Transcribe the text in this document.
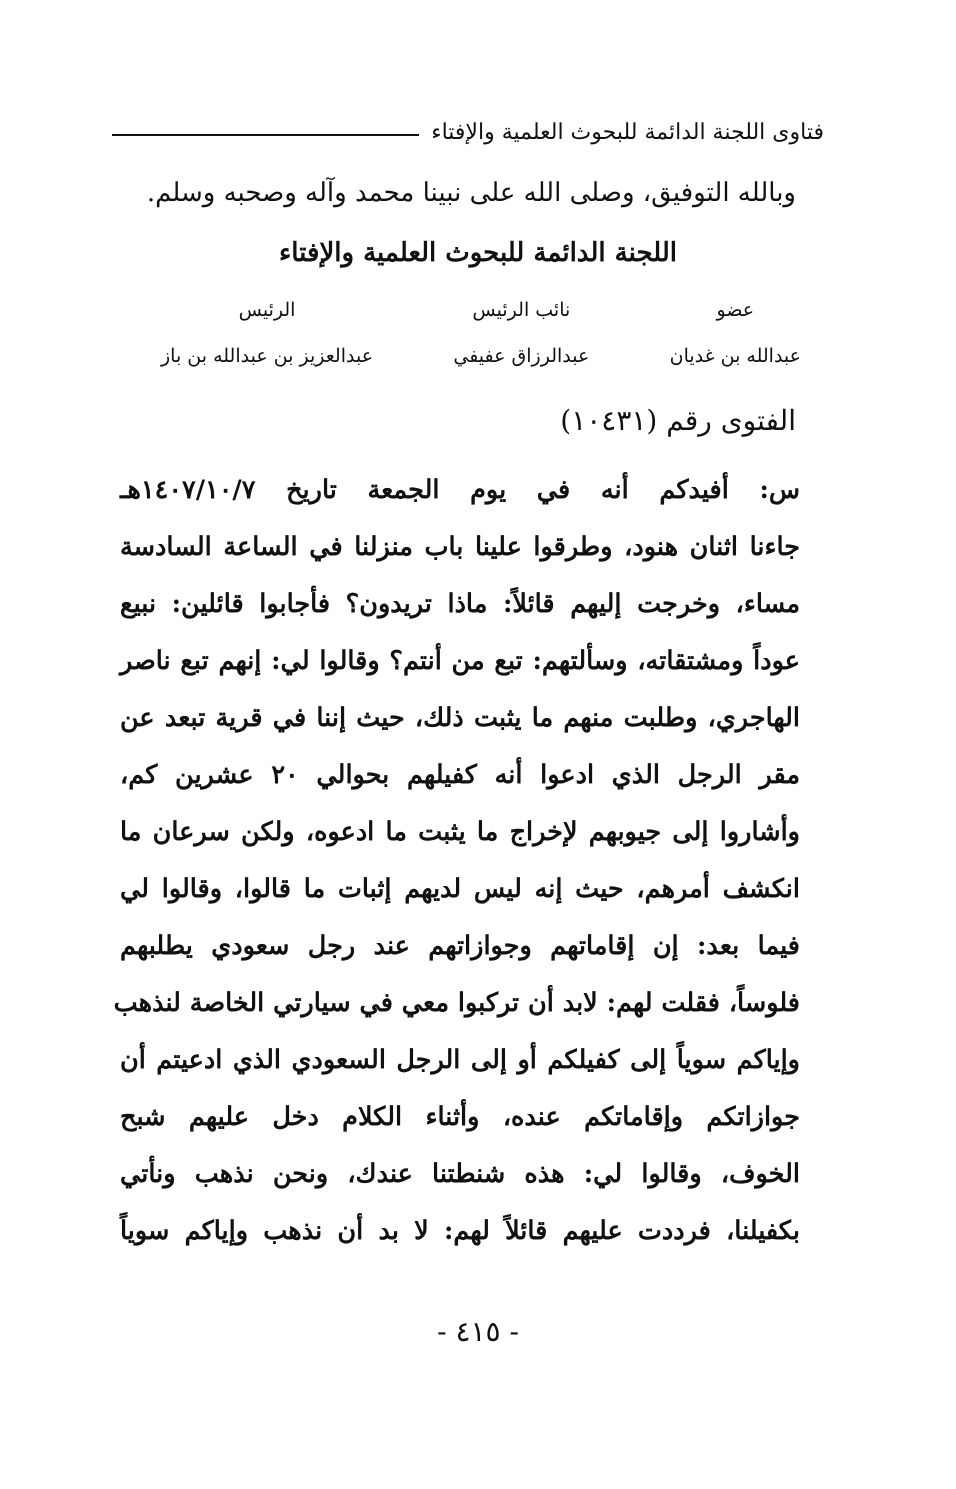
فتاوى اللجنة الدائمة للبحوث العلمية والإفتاء
وبالله التوفيق، وصلى الله على نبينا محمد وآله وصحبه وسلم.
اللجنة الدائمة للبحوث العلمية والإفتاء
عضو
عبدالله بن غديان
نائب الرئيس
عبدالرزاق عفيفي
الرئيس
عبدالعزيز بن عبدالله بن باز
الفتوى رقم (١٠٤٣١)
س: أفيدكم أنه في يوم الجمعة تاريخ ١٤٠٧/١٠/٧هـ
جاءنا اثنان هنود، وطرقوا علينا باب منزلنا في الساعة السادسة
مساء، وخرجت إليهم قائلاً: ماذا تريدون؟ فأجابوا قائلين: نبيع
عوداً ومشتقاته، وسألتهم: تبع من أنتم؟ وقالوا لي: إنهم تبع ناصر
الهاجري، وطلبت منهم ما يثبت ذلك، حيث إننا في قرية تبعد عن
مقر الرجل الذي ادعوا أنه كفيلهم بحوالي ٢٠ عشرين كم،
وأشاروا إلى جيوبهم لإخراج ما يثبت ما ادعوه، ولكن سرعان ما
انكشف أمرهم، حيث إنه ليس لديهم إثبات ما قالوا، وقالوا لي
فيما بعد: إن إقاماتهم وجوازاتهم عند رجل سعودي يطلبهم
فلوساً، فقلت لهم: لابد أن تركبوا معي في سيارتي الخاصة لنذهب
وإياكم سوياً إلى كفيلكم أو إلى الرجل السعودي الذي ادعيتم أن
جوازاتكم وإقاماتكم عنده، وأثناء الكلام دخل عليهم شبح
الخوف، وقالوا لي: هذه شنطتنا عندك، ونحن نذهب ونأتي
بكفيلنا، فرددت عليهم قائلاً لهم: لا بد أن نذهب وإياكم سوياً
- ٤١٥ -
